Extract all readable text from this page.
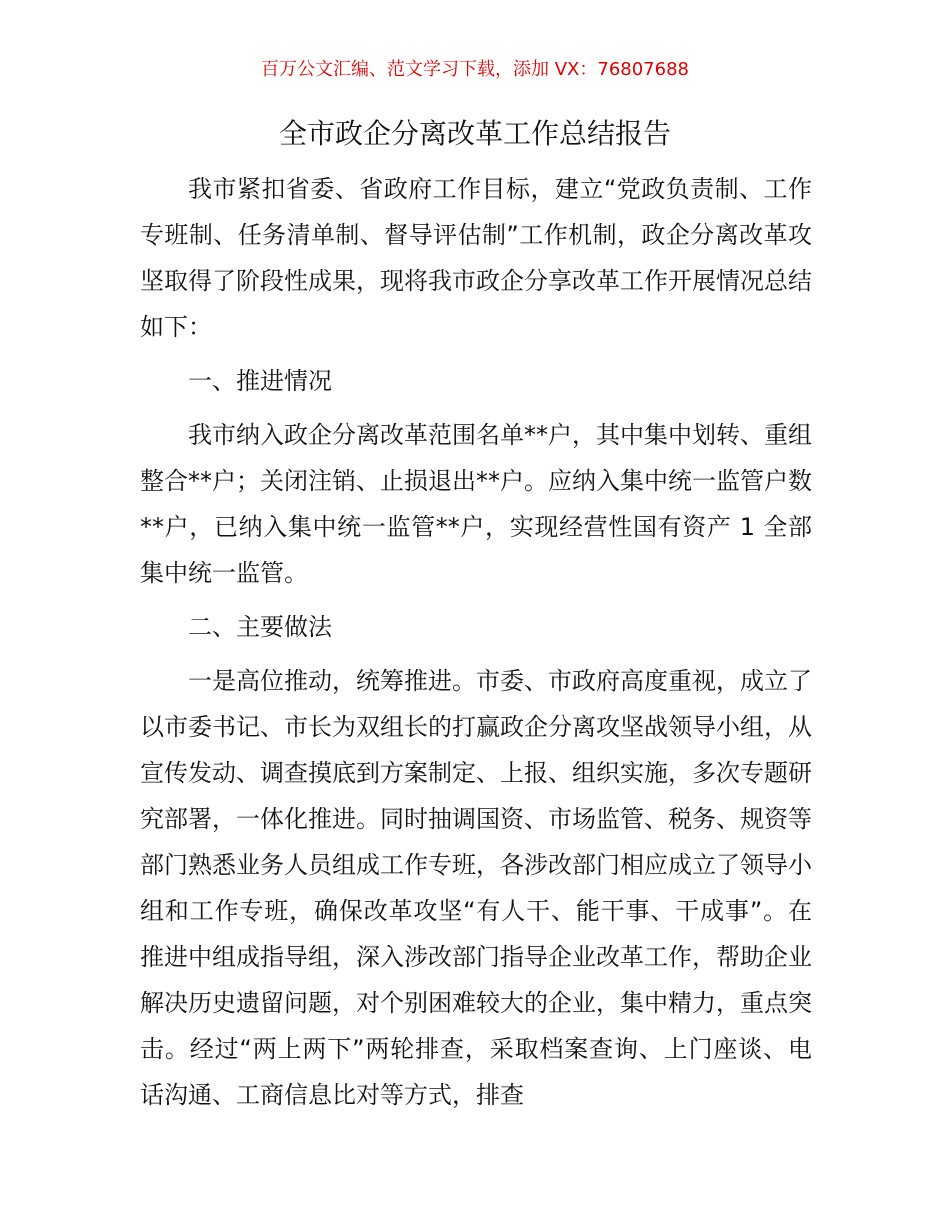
百万公文汇编、范文学习下载，添加 VX：76807688
全市政企分离改革工作总结报告

我市紧扣省委、省政府工作目标，建立“党政负责制、工作专班制、任务清单制、督导评估制”工作机制，政企分离改革攻坚取得了阶段性成果，现将我市政企分享改革工作开展情况总结如下：

一、推进情况

我市纳入政企分离改革范围名单**户，其中集中划转、重组整合**户；关闭注销、止损退出**户。应纳入集中统一监管户数**户，已纳入集中统一监管**户，实现经营性国有资产 1 全部集中统一监管。

二、主要做法

一是高位推动，统筹推进。市委、市政府高度重视，成立了以市委书记、市长为双组长的打赢政企分离攻坚战领导小组，从宣传发动、调查摸底到方案制定、上报、组织实施，多次专题研究部署，一体化推进。同时抽调国资、市场监管、税务、规资等部门熟悉业务人员组成工作专班，各涉改部门相应成立了领导小组和工作专班，确保改革攻坚“有人干、能干事、干成事”。在推进中组成指导组，深入涉改部门指导企业改革工作，帮助企业解决历史遗留问题，对个别困难较大的企业，集中精力，重点突击。经过“两上两下”两轮排查，采取档案查询、上门座谈、电话沟通、工商信息比对等方式，排查
